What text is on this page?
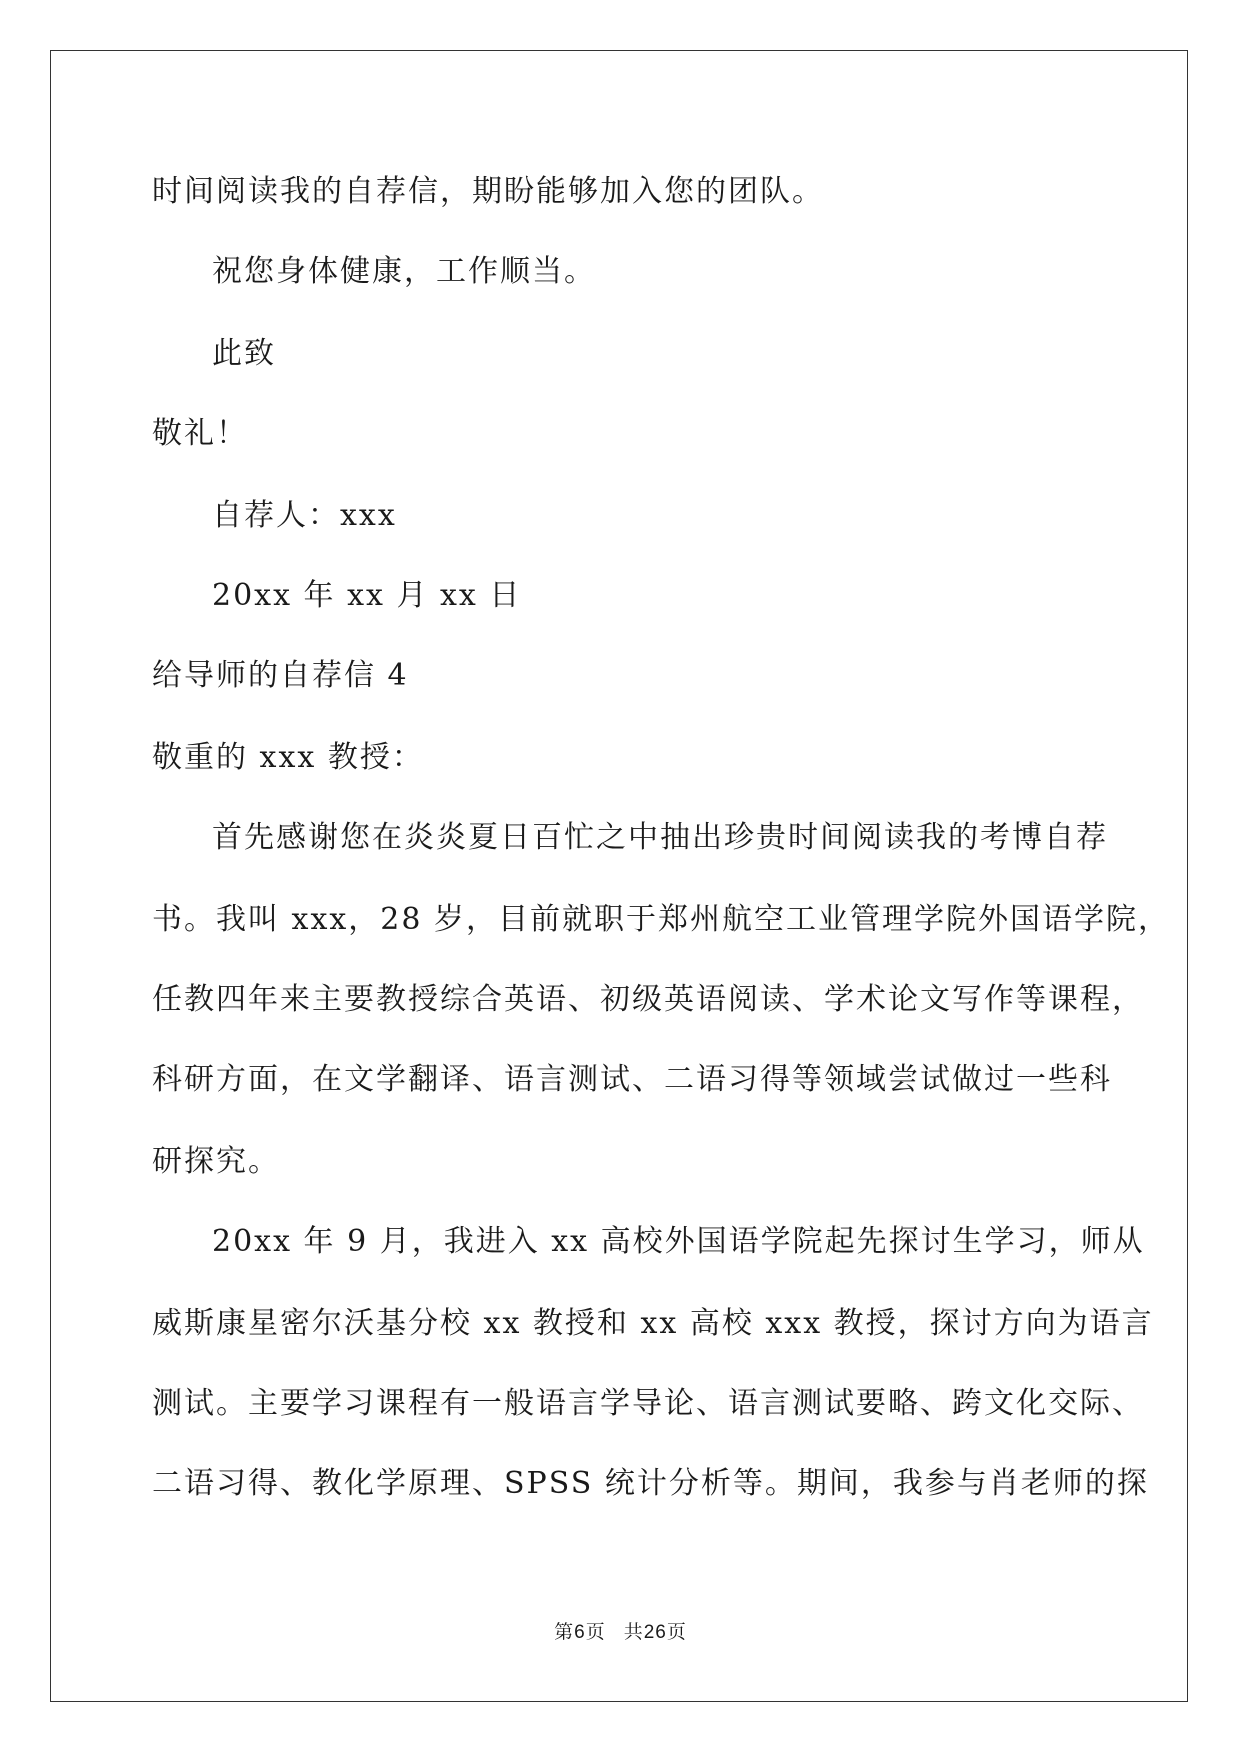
时间阅读我的自荐信，期盼能够加入您的团队。
祝您身体健康，工作顺当。
此致
敬礼！
自荐人：xxx
20xx 年 xx 月 xx 日
给导师的自荐信 4
敬重的 xxx 教授：
首先感谢您在炎炎夏日百忙之中抽出珍贵时间阅读我的考博自荐
书。我叫 xxx，28 岁，目前就职于郑州航空工业管理学院外国语学院，
任教四年来主要教授综合英语、初级英语阅读、学术论文写作等课程，
科研方面，在文学翻译、语言测试、二语习得等领域尝试做过一些科
研探究。
20xx 年 9 月，我进入 xx 高校外国语学院起先探讨生学习，师从
威斯康星密尔沃基分校 xx 教授和 xx 高校 xxx 教授，探讨方向为语言
测试。主要学习课程有一般语言学导论、语言测试要略、跨文化交际、
二语习得、教化学原理、SPSS 统计分析等。期间，我参与肖老师的探
第6页 共26页
